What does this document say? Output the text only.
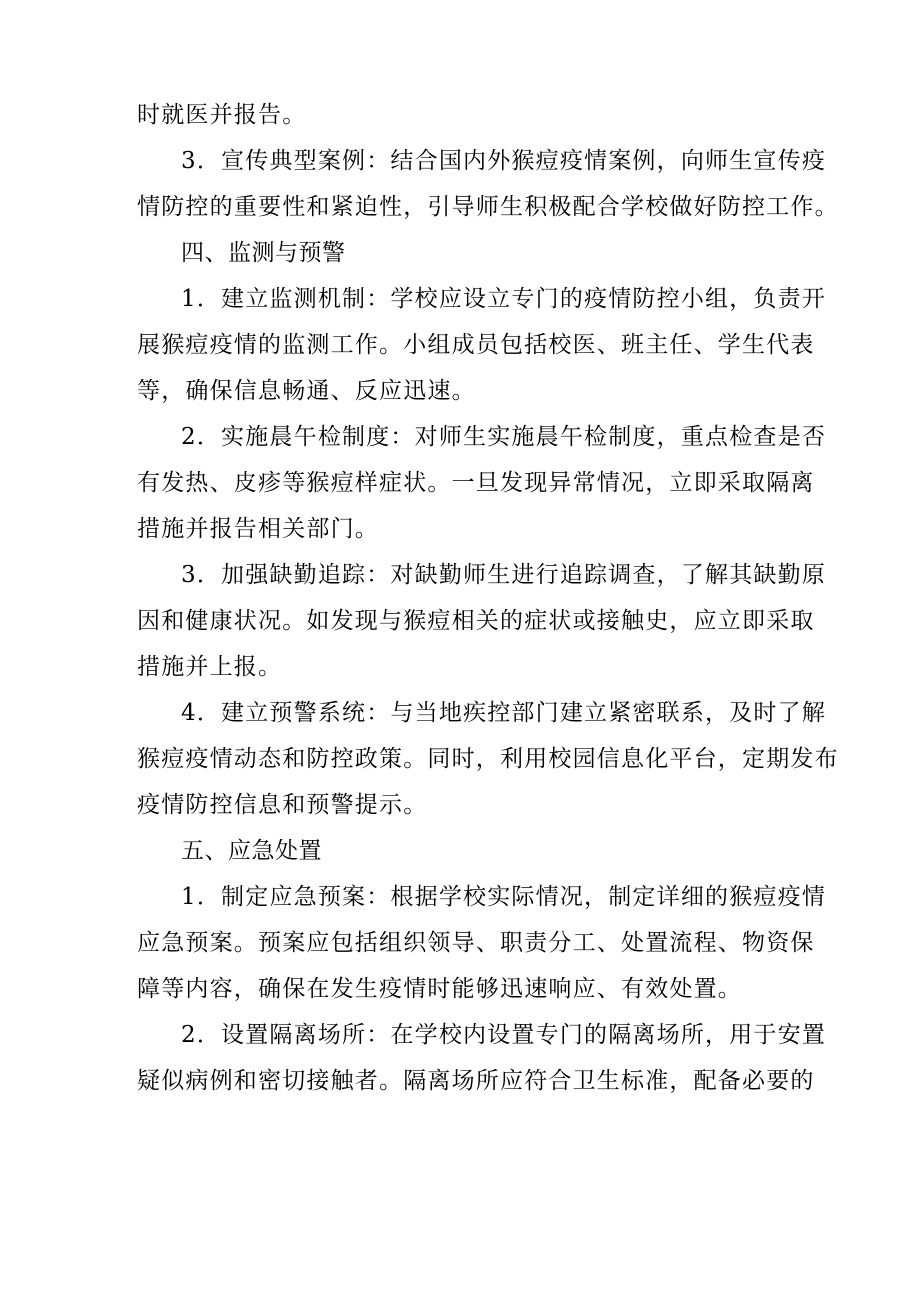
时就医并报告。
3．宣传典型案例：结合国内外猴痘疫情案例，向师生宣传疫
情防控的重要性和紧迫性，引导师生积极配合学校做好防控工作。
四、监测与预警
1．建立监测机制：学校应设立专门的疫情防控小组，负责开
展猴痘疫情的监测工作。小组成员包括校医、班主任、学生代表
等，确保信息畅通、反应迅速。
2．实施晨午检制度：对师生实施晨午检制度，重点检查是否
有发热、皮疹等猴痘样症状。一旦发现异常情况，立即采取隔离
措施并报告相关部门。
3．加强缺勤追踪：对缺勤师生进行追踪调查，了解其缺勤原
因和健康状况。如发现与猴痘相关的症状或接触史，应立即采取
措施并上报。
4．建立预警系统：与当地疾控部门建立紧密联系，及时了解
猴痘疫情动态和防控政策。同时，利用校园信息化平台，定期发布
疫情防控信息和预警提示。
五、应急处置
1．制定应急预案：根据学校实际情况，制定详细的猴痘疫情
应急预案。预案应包括组织领导、职责分工、处置流程、物资保
障等内容，确保在发生疫情时能够迅速响应、有效处置。
2．设置隔离场所：在学校内设置专门的隔离场所，用于安置
疑似病例和密切接触者。隔离场所应符合卫生标准，配备必要的
